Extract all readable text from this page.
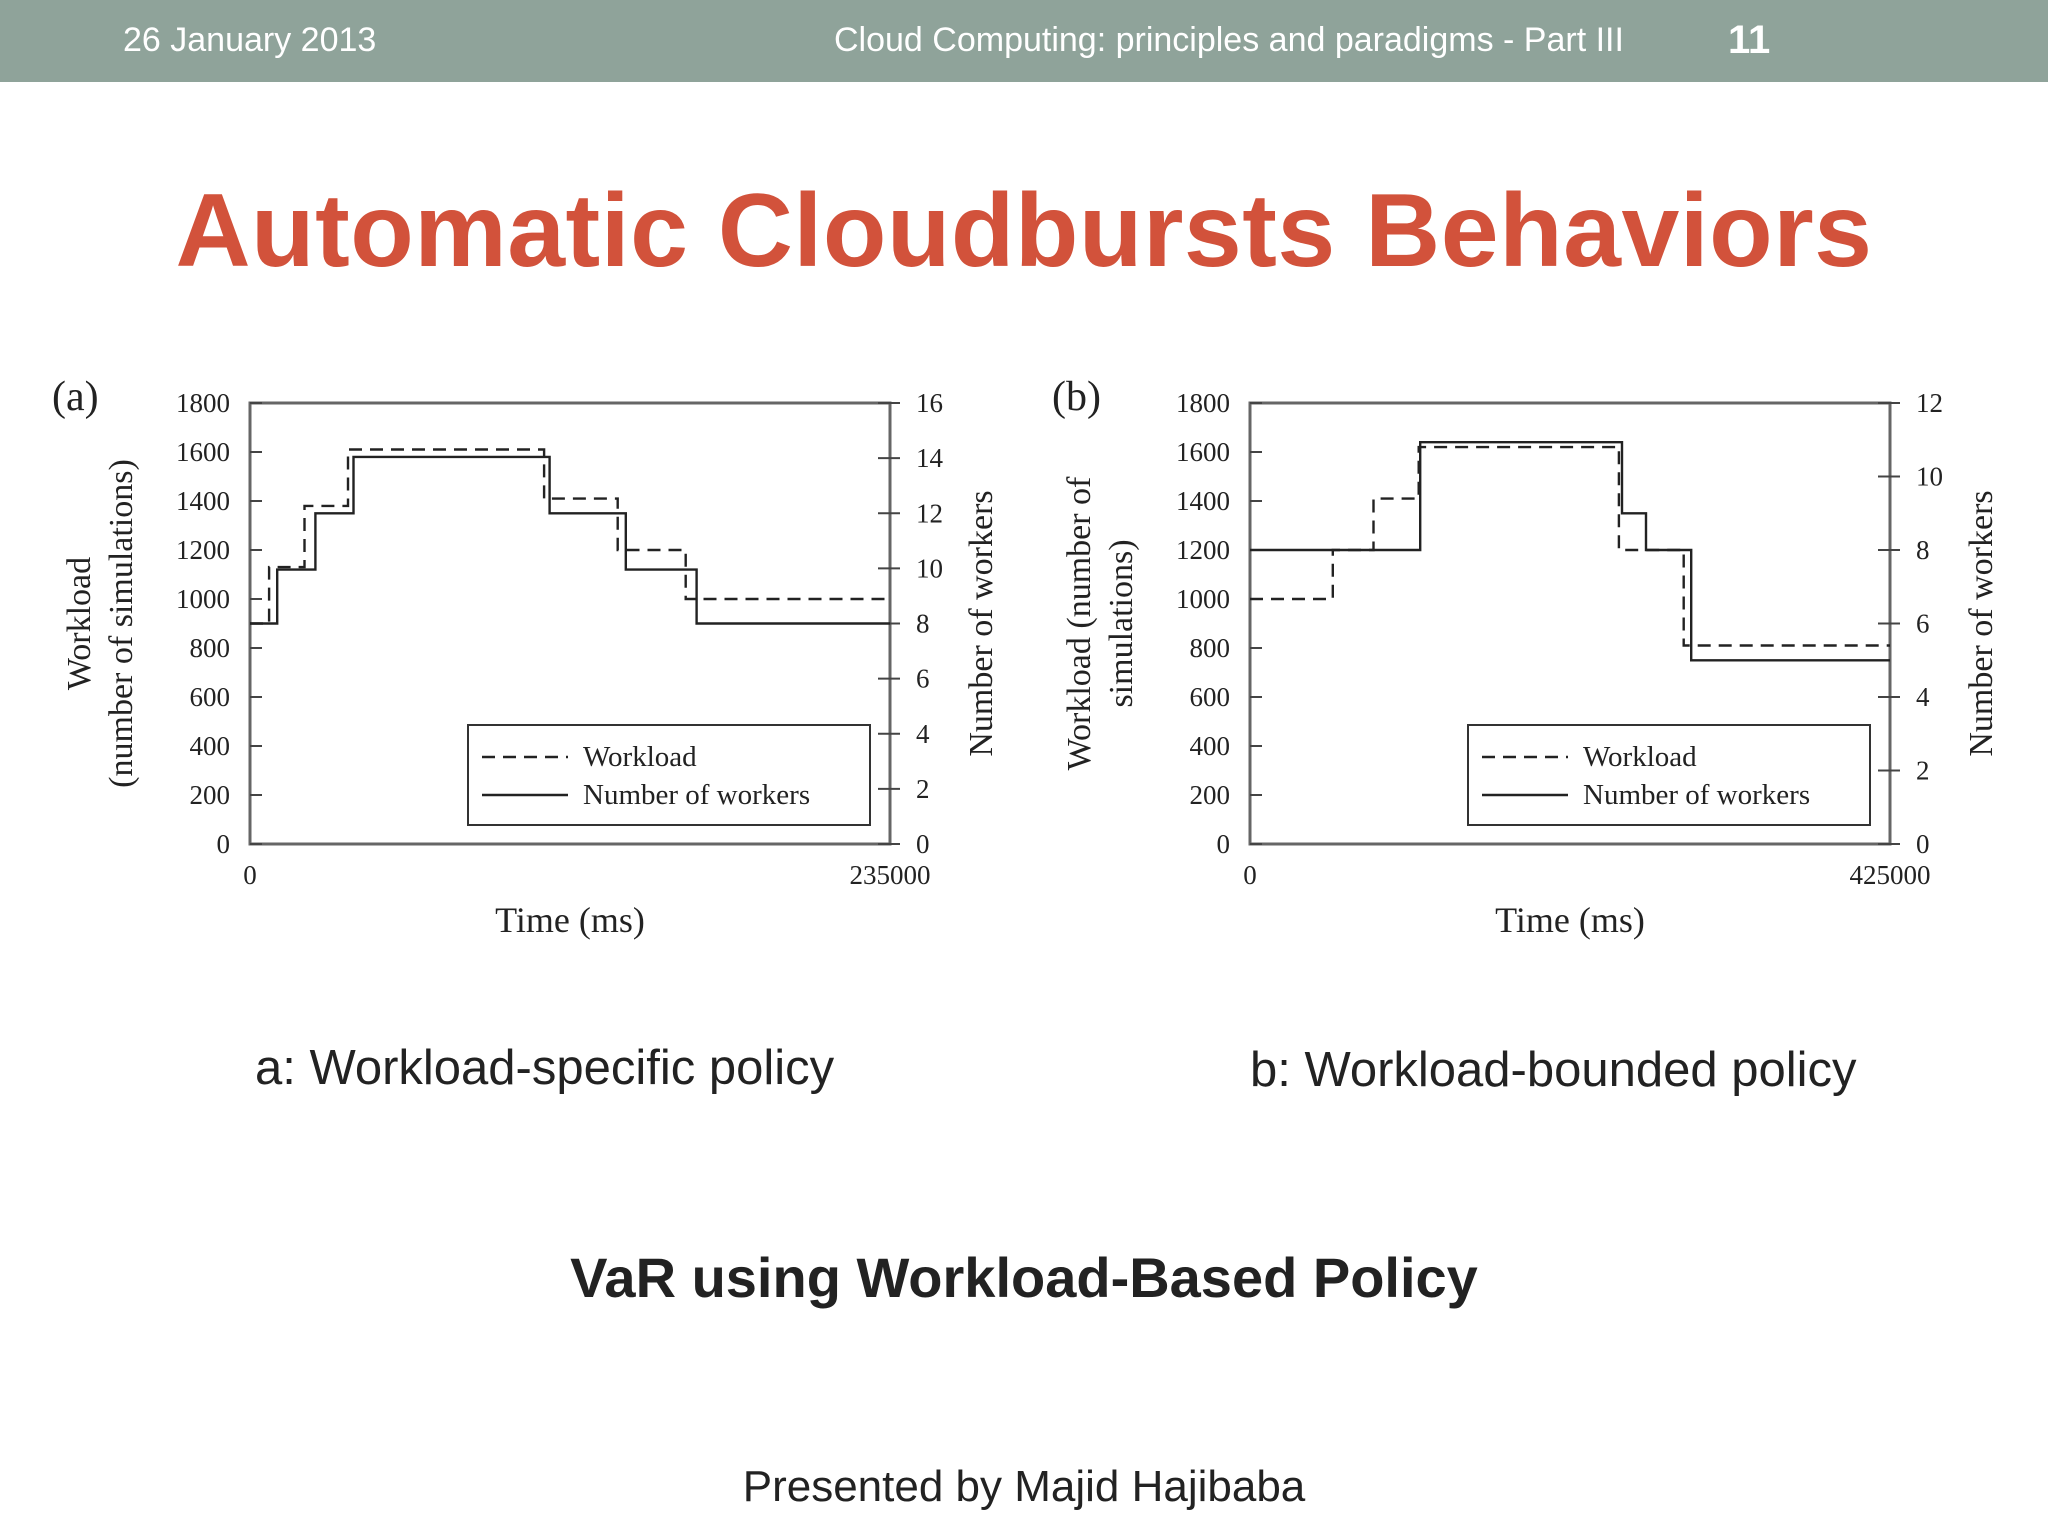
26 January 2013	Cloud Computing: principles and paradigms - Part III	11
Automatic Cloudbursts Behaviors
0
200
400
600
800
1000
1200
1400
1600
1800
0
2
4
6
8
10
12
14
16
0	235000
Time (ms)
(a)
Workload (number of simulations)	Number of workers
Workload
Number of workers
0
200
400
600
800
1000
1200
1400
1600
1800
0
2
4
6
8
10
12
0	425000
Time (ms)
(b)
Workload (number of simulations)	Number of workers
Workload
Number of workers
a: Workload-specific policy	b: Workload-bounded policy
VaR using Workload-Based Policy
Presented by Majid Hajibaba
